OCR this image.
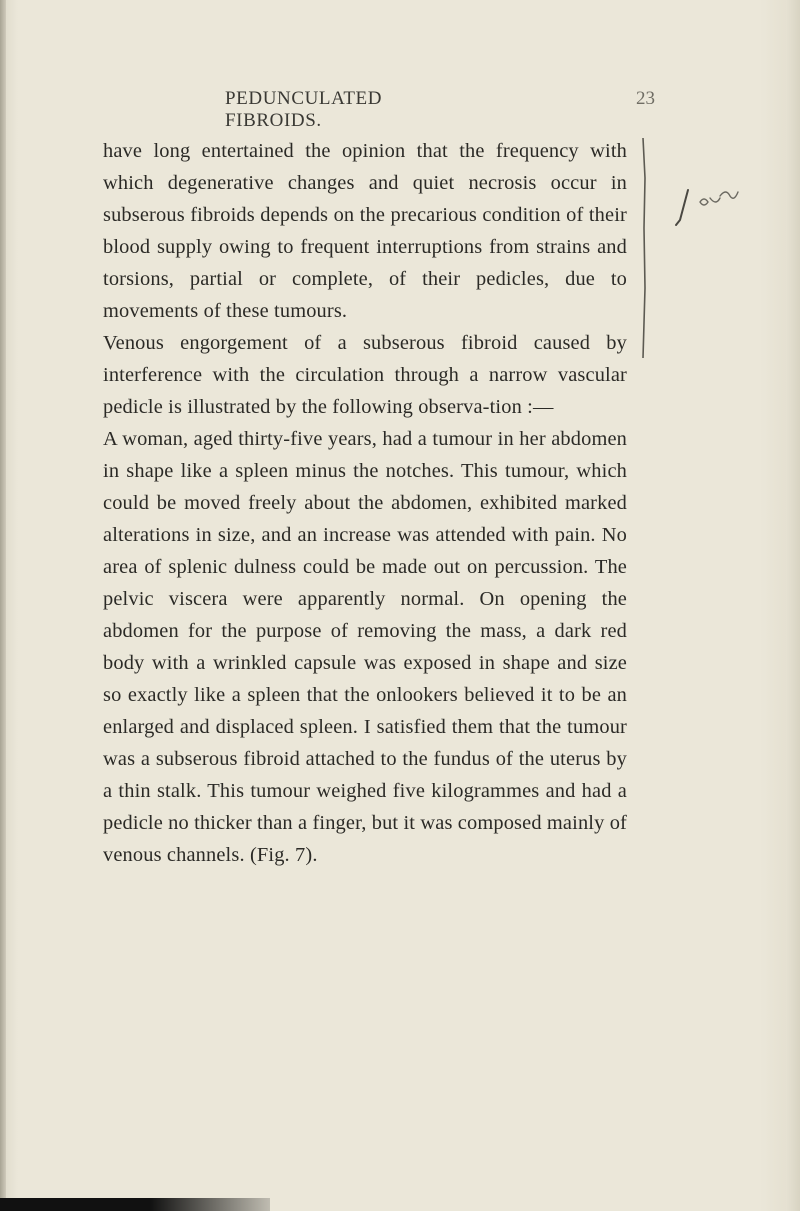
PEDUNCULATED FIBROIDS.
23

have long entertained the opinion that the frequency with which degenerative changes and quiet necrosis occur in subserous fibroids depends on the precarious condition of their blood supply owing to frequent interruptions from strains and torsions, partial or complete, of their pedicles, due to movements of these tumours.

Venous engorgement of a subserous fibroid caused by interference with the circulation through a narrow vascular pedicle is illustrated by the following observa-tion :—

A woman, aged thirty-five years, had a tumour in her abdomen in shape like a spleen minus the notches. This tumour, which could be moved freely about the abdomen, exhibited marked alterations in size, and an increase was attended with pain. No area of splenic dulness could be made out on percussion. The pelvic viscera were apparently normal. On opening the abdomen for the purpose of removing the mass, a dark red body with a wrinkled capsule was exposed in shape and size so exactly like a spleen that the onlookers believed it to be an enlarged and displaced spleen. I satisfied them that the tumour was a subserous fibroid attached to the fundus of the uterus by a thin stalk. This tumour weighed five kilogrammes and had a pedicle no thicker than a finger, but it was composed mainly of venous channels. (Fig. 7).
